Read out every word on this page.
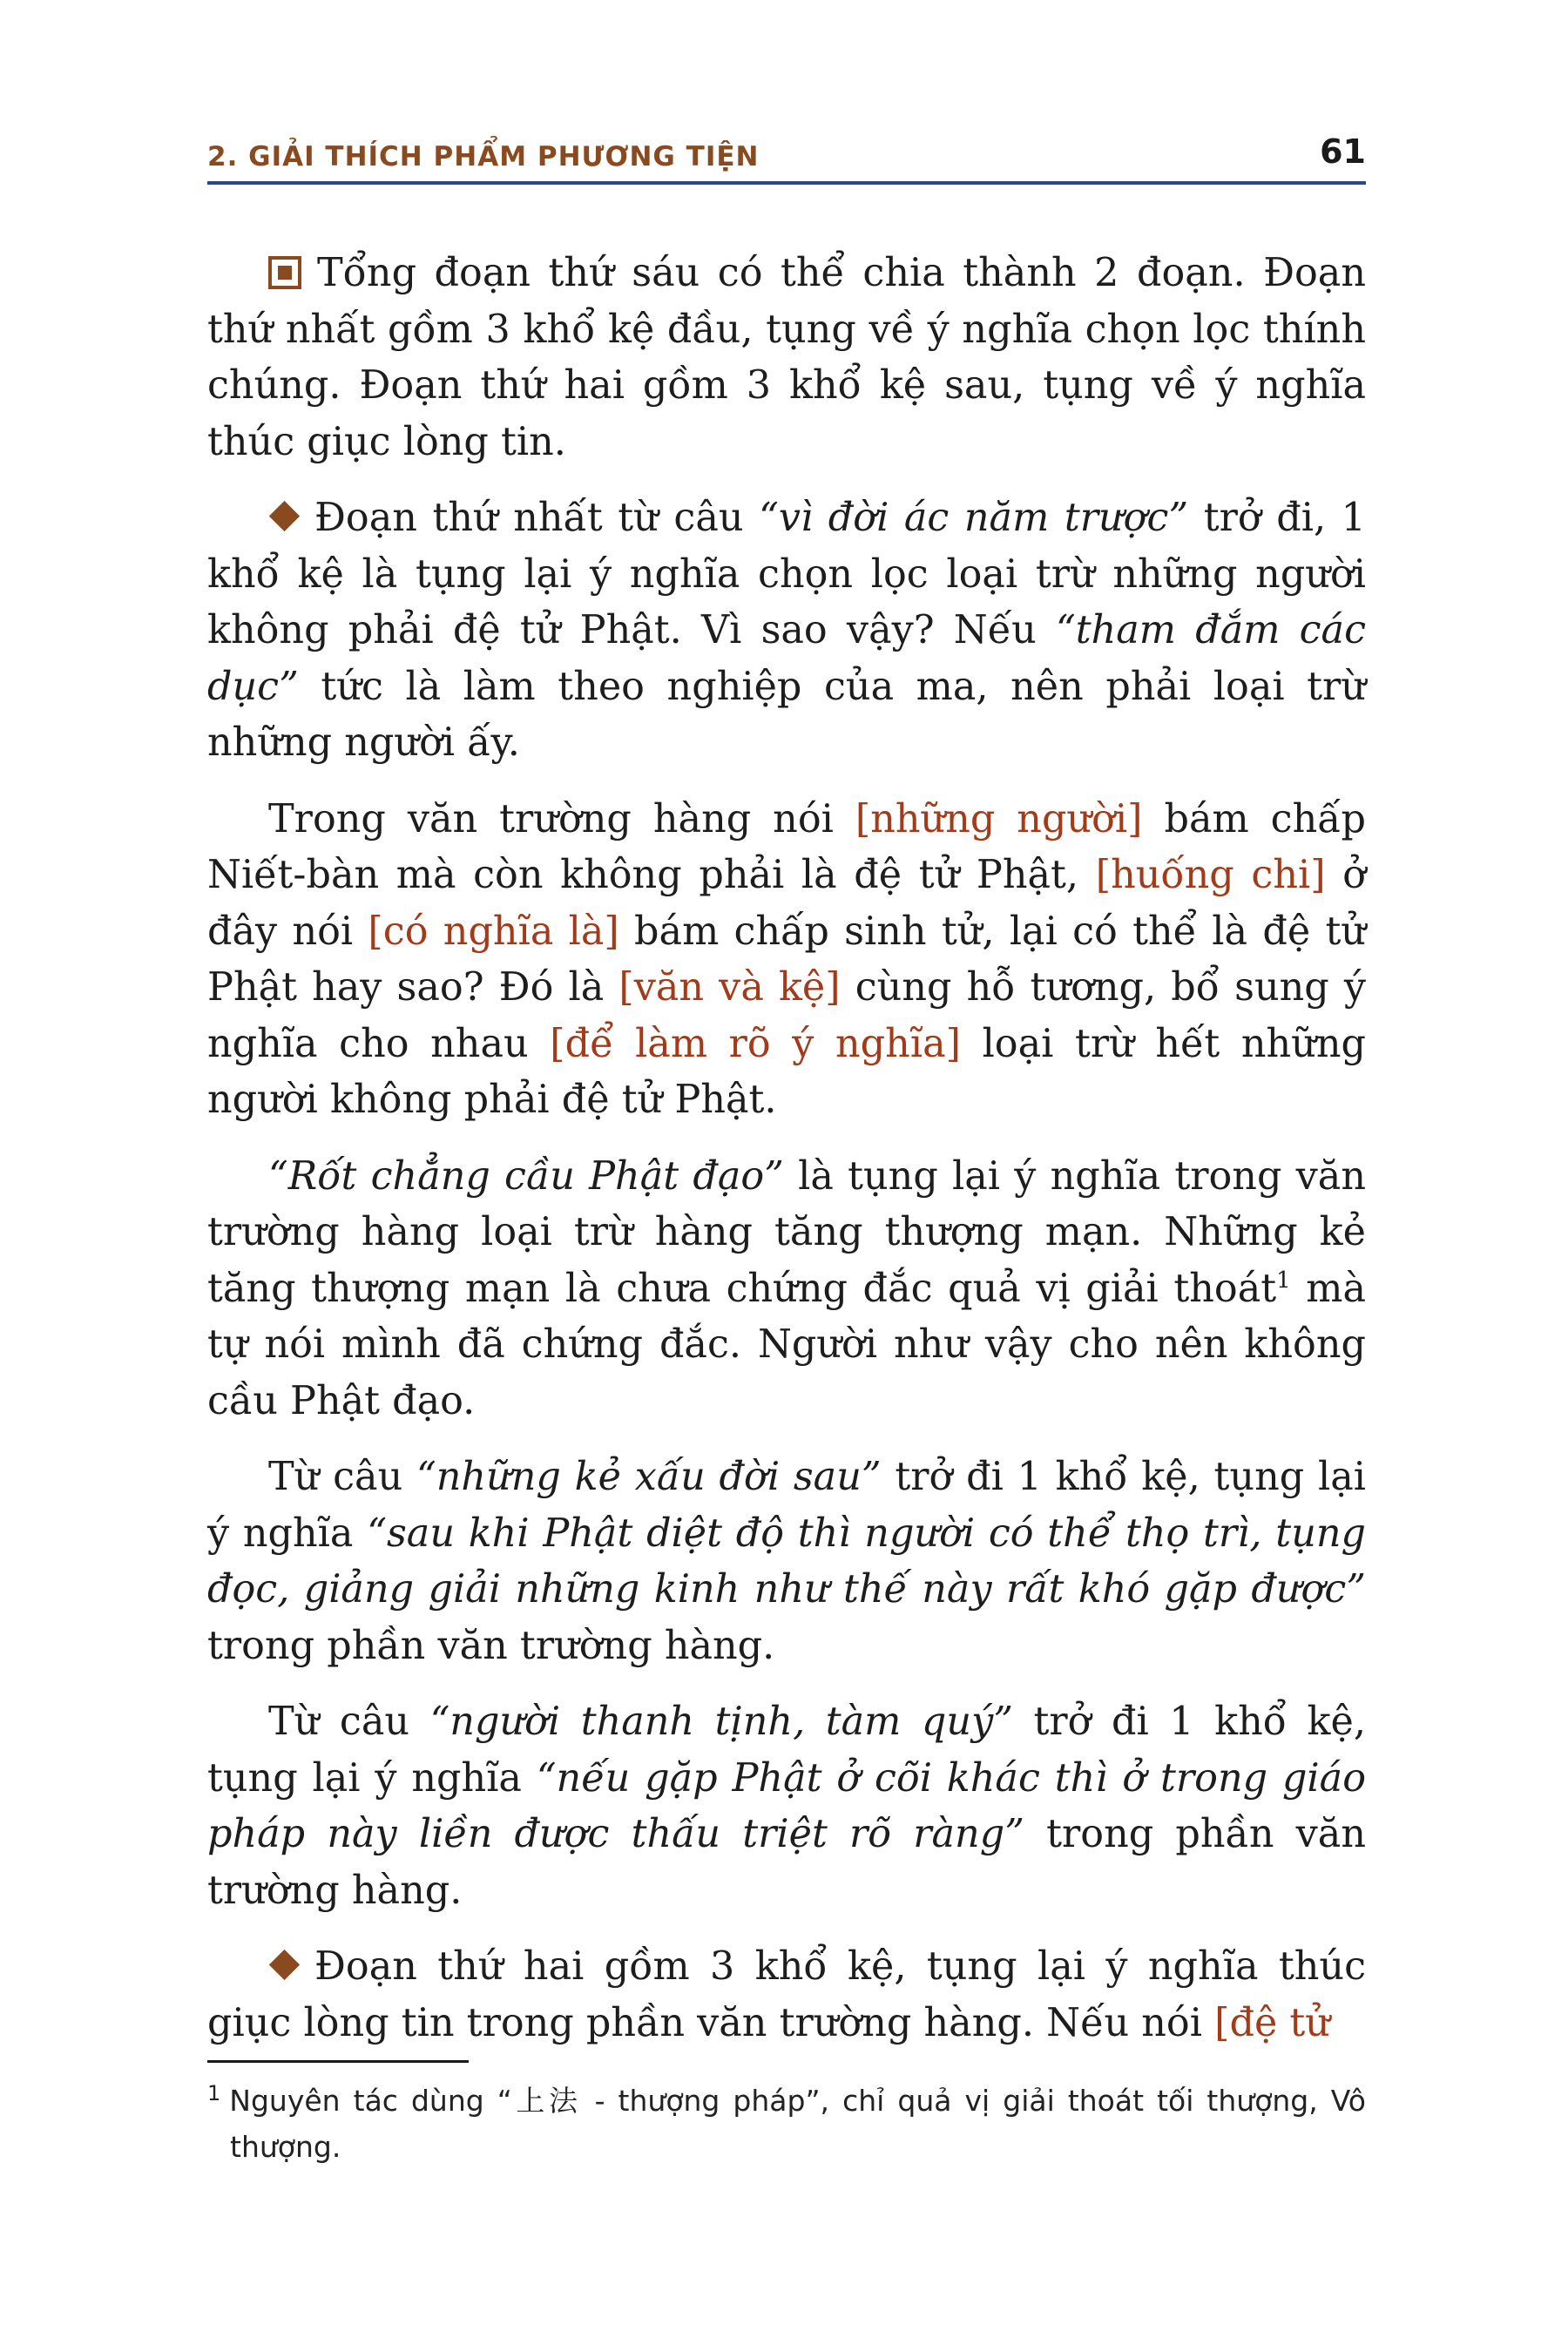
2. GIẢI THÍCH PHẨM PHƯƠNG TIỆN	61

Tổng đoạn thứ sáu có thể chia thành 2 đoạn. Đoạn thứ nhất gồm 3 khổ kệ đầu, tụng về ý nghĩa chọn lọc thính chúng. Đoạn thứ hai gồm 3 khổ kệ sau, tụng về ý nghĩa thúc giục lòng tin.

Đoạn thứ nhất từ câu “vì đời ác năm trược” trở đi, 1 khổ kệ là tụng lại ý nghĩa chọn lọc loại trừ những người không phải đệ tử Phật. Vì sao vậy? Nếu “tham đắm các dục” tức là làm theo nghiệp của ma, nên phải loại trừ những người ấy.

Trong văn trường hàng nói [những người] bám chấp Niết-bàn mà còn không phải là đệ tử Phật, [huống chi] ở đây nói [có nghĩa là] bám chấp sinh tử, lại có thể là đệ tử Phật hay sao? Đó là [văn và kệ] cùng hỗ tương, bổ sung ý nghĩa cho nhau [để làm rõ ý nghĩa] loại trừ hết những người không phải đệ tử Phật.

“Rốt chẳng cầu Phật đạo” là tụng lại ý nghĩa trong văn trường hàng loại trừ hàng tăng thượng mạn. Những kẻ tăng thượng mạn là chưa chứng đắc quả vị giải thoát$^1$ mà tự nói mình đã chứng đắc. Người như vậy cho nên không cầu Phật đạo.

Từ câu “những kẻ xấu đời sau” trở đi 1 khổ kệ, tụng lại ý nghĩa “sau khi Phật diệt độ thì người có thể thọ trì, tụng đọc, giảng giải những kinh như thế này rất khó gặp được” trong phần văn trường hàng.

Từ câu “người thanh tịnh, tàm quý” trở đi 1 khổ kệ, tụng lại ý nghĩa “nếu gặp Phật ở cõi khác thì ở trong giáo pháp này liền được thấu triệt rõ ràng” trong phần văn trường hàng.

Đoạn thứ hai gồm 3 khổ kệ, tụng lại ý nghĩa thúc giục lòng tin trong phần văn trường hàng. Nếu nói [đệ tử

$^1$ Nguyên tác dùng “上法 - thượng pháp”, chỉ quả vị giải thoát tối thượng, Vô thượng.
